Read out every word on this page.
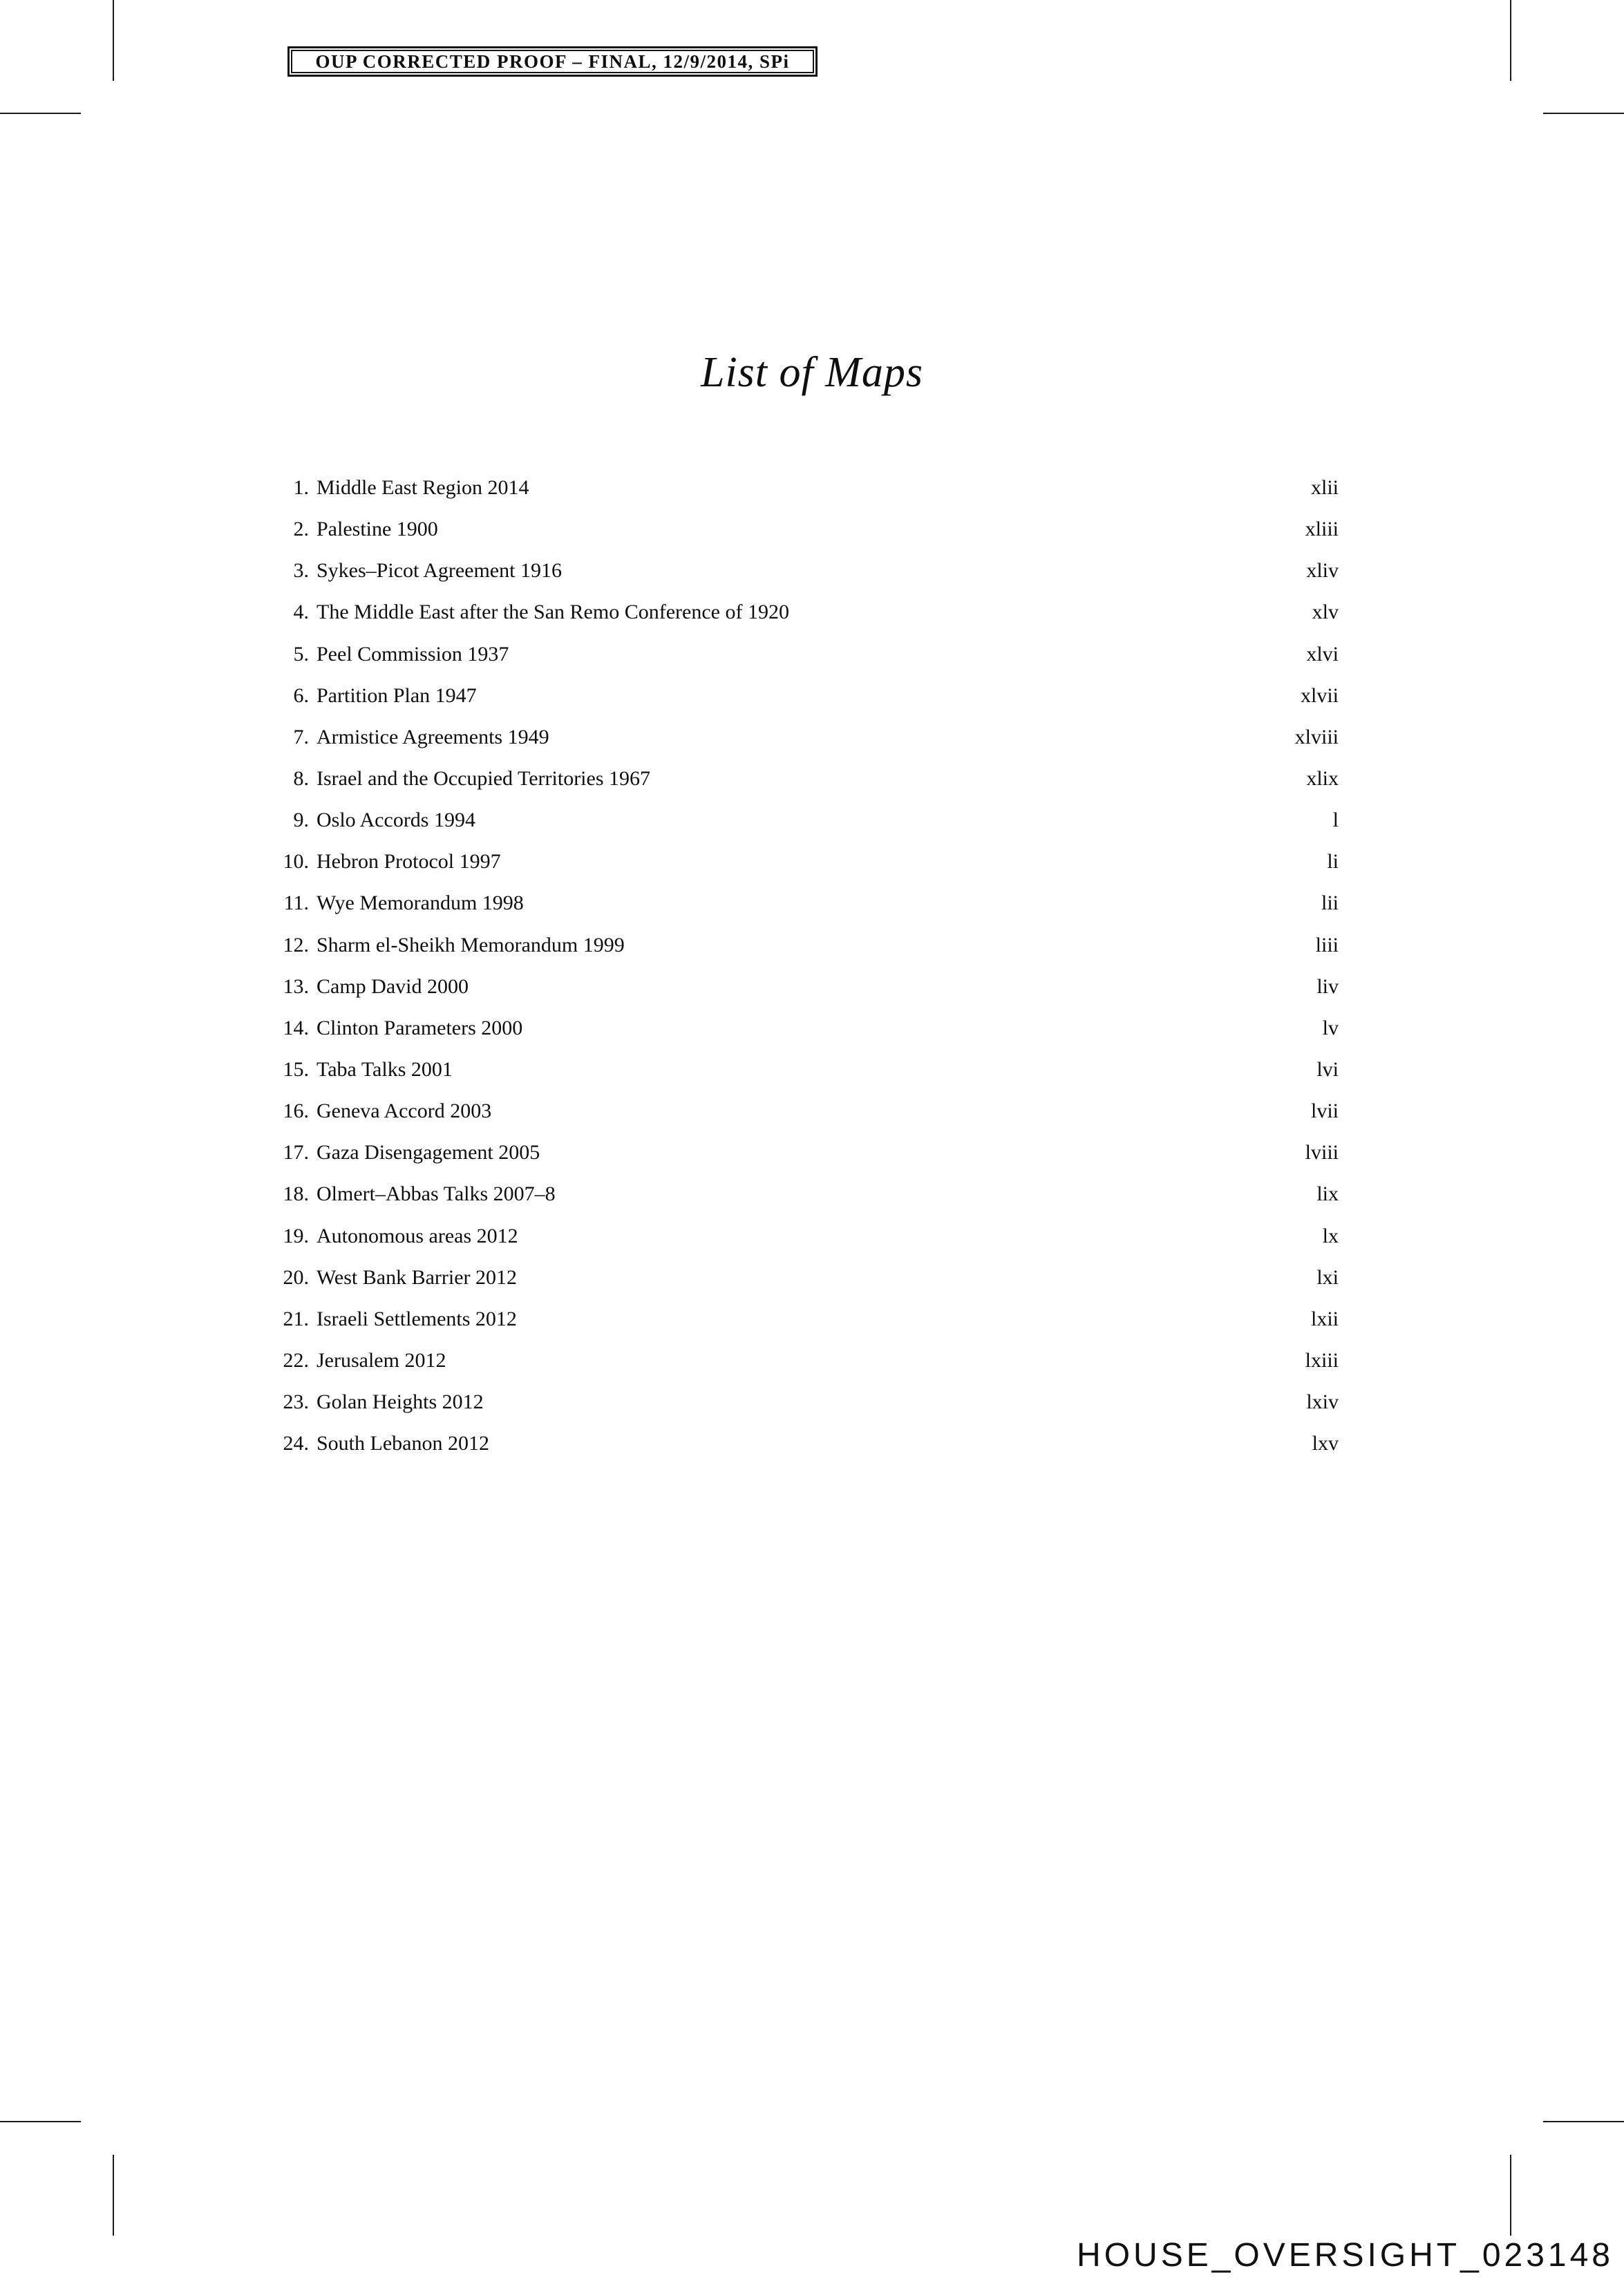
OUP CORRECTED PROOF – FINAL, 12/9/2014, SPi
List of Maps
1. Middle East Region 2014	xlii
2. Palestine 1900	xliii
3. Sykes–Picot Agreement 1916	xliv
4. The Middle East after the San Remo Conference of 1920	xlv
5. Peel Commission 1937	xlvi
6. Partition Plan 1947	xlvii
7. Armistice Agreements 1949	xlviii
8. Israel and the Occupied Territories 1967	xlix
9. Oslo Accords 1994	l
10. Hebron Protocol 1997	li
11. Wye Memorandum 1998	lii
12. Sharm el-Sheikh Memorandum 1999	liii
13. Camp David 2000	liv
14. Clinton Parameters 2000	lv
15. Taba Talks 2001	lvi
16. Geneva Accord 2003	lvii
17. Gaza Disengagement 2005	lviii
18. Olmert–Abbas Talks 2007–8	lix
19. Autonomous areas 2012	lx
20. West Bank Barrier 2012	lxi
21. Israeli Settlements 2012	lxii
22. Jerusalem 2012	lxiii
23. Golan Heights 2012	lxiv
24. South Lebanon 2012	lxv
HOUSE_OVERSIGHT_023148
